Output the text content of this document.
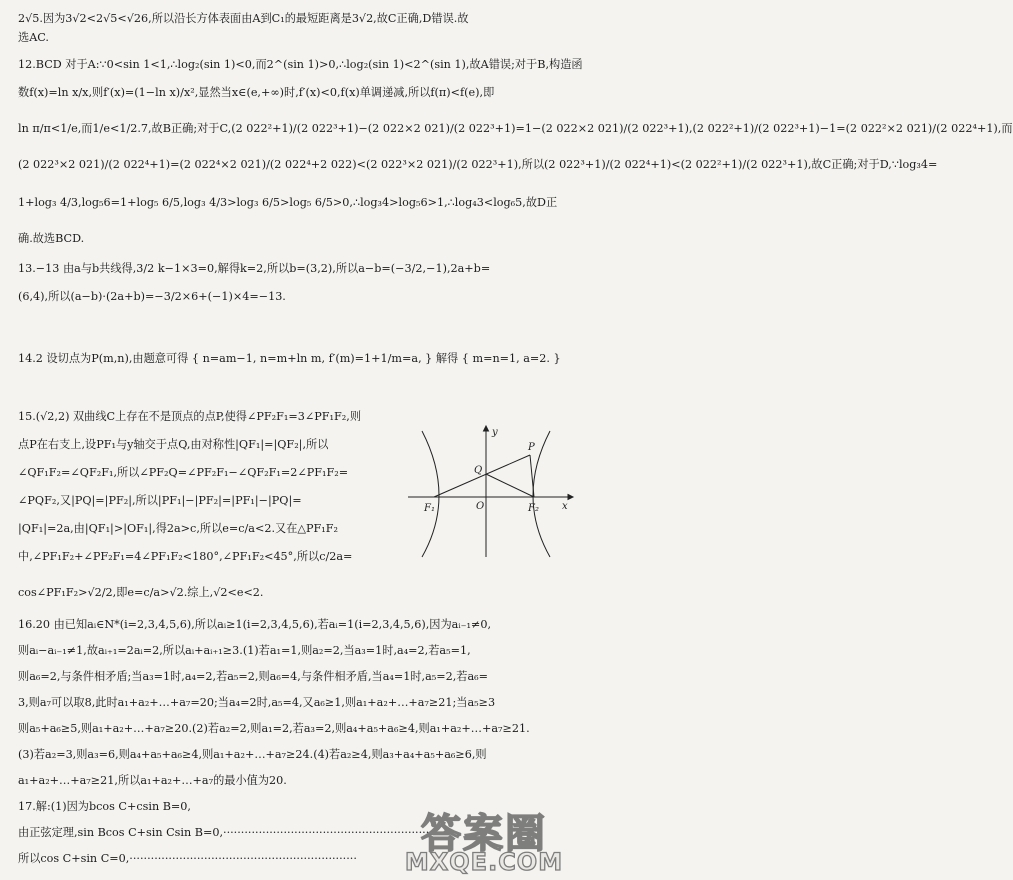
2√5.因为3√2<2√5<√26,所以沿长方体表面由A到C₁的最短距离是3√2,故C正确,D错误.故
选AC.
12.BCD 对于A:∵0<sin 1<1,∴log₂(sin 1)<0,而2^(sin 1)>0,∴log₂(sin 1)<2^(sin 1),故A错误;对于B,构造函
数f(x)=ln x/x,则f′(x)=(1−ln x)/x²,显然当x∈(e,+∞)时,f′(x)<0,f(x)单调递减,所以f(π)<f(e),即
ln π/π<1/e,而1/e<1/2.7,故B正确;对于C,(2 022²+1)/(2 022³+1)−(2 022×2 021)/(2 022³+1)=1−(2 022×2 021)/(2 022³+1),(2 022²+1)/(2 022³+1)−1=(2 022²×2 021)/(2 022⁴+1),而
(2 022³×2 021)/(2 022⁴+1)=(2 022⁴×2 021)/(2 022⁴+2 022)<(2 022³×2 021)/(2 022³+1),所以(2 022³+1)/(2 022⁴+1)<(2 022²+1)/(2 022³+1),故C正确;对于D,∵log₃4=
1+log₃ 4/3,log₅6=1+log₅ 6/5,log₃ 4/3>log₃ 6/5>log₅ 6/5>0,∴log₃4>log₅6>1,∴log₄3<log₆5,故D正
确.故选BCD.
13.−13 由a与b共线得,3/2 k−1×3=0,解得k=2,所以b=(3,2),所以a−b=(−3/2,−1),2a+b=
(6,4),所以(a−b)·(2a+b)=−3/2×6+(−1)×4=−13.
14.2 设切点为P(m,n),由题意可得 { n=am−1, n=m+ln m, f′(m)=1+1/m=a, } 解得 { m=n=1, a=2. }
15.(√2,2) 双曲线C上存在不是顶点的点P,使得∠PF₂F₁=3∠PF₁F₂,则
点P在右支上,设PF₁与y轴交于点Q,由对称性|QF₁|=|QF₂|,所以
∠QF₁F₂=∠QF₂F₁,所以∠PF₂Q=∠PF₂F₁−∠QF₂F₁=2∠PF₁F₂=
∠PQF₂,又|PQ|=|PF₂|,所以|PF₁|−|PF₂|=|PF₁|−|PQ|=
|QF₁|=2a,由|QF₁|>|OF₁|,得2a>c,所以e=c/a<2.又在△PF₁F₂
中,∠PF₁F₂+∠PF₂F₁=4∠PF₁F₂<180°,∠PF₁F₂<45°,所以c/2a=
cos∠PF₁F₂>√2/2,即e=c/a>√2.综上,√2<e<2.
16.20 由已知aᵢ∈N*(i=2,3,4,5,6),所以aᵢ≥1(i=2,3,4,5,6),若aᵢ=1(i=2,3,4,5,6),因为aᵢ₋₁≠0,
则aᵢ−aᵢ₋₁≠1,故aᵢ₊₁=2aᵢ=2,所以aᵢ+aᵢ₊₁≥3.(1)若a₁=1,则a₂=2,当a₃=1时,a₄=2,若a₅=1,
则a₆=2,与条件相矛盾;当a₃=1时,a₄=2,若a₅=2,则a₆=4,与条件相矛盾,当a₄=1时,a₅=2,若a₆=
3,则a₇可以取8,此时a₁+a₂+…+a₇=20;当a₄=2时,a₅=4,又a₆≥1,则a₁+a₂+…+a₇≥21;当a₅≥3
则a₅+a₆≥5,则a₁+a₂+…+a₇≥20.(2)若a₂=2,则a₁=2,若a₃=2,则a₄+a₅+a₆≥4,则a₁+a₂+…+a₇≥21.
(3)若a₂=3,则a₃=6,则a₄+a₅+a₆≥4,则a₁+a₂+…+a₇≥24.(4)若a₂≥4,则a₃+a₄+a₅+a₆≥6,则
a₁+a₂+…+a₇≥21,所以a₁+a₂+…+a₇的最小值为20.
17.解:(1)因为bcos C+csin B=0,
由正弦定理,sin Bcos C+sin Csin B=0,··························································
所以cos C+sin C=0,································································
y
x
O
P
Q
F₁	F₂
答案圈
MXQE.COM
